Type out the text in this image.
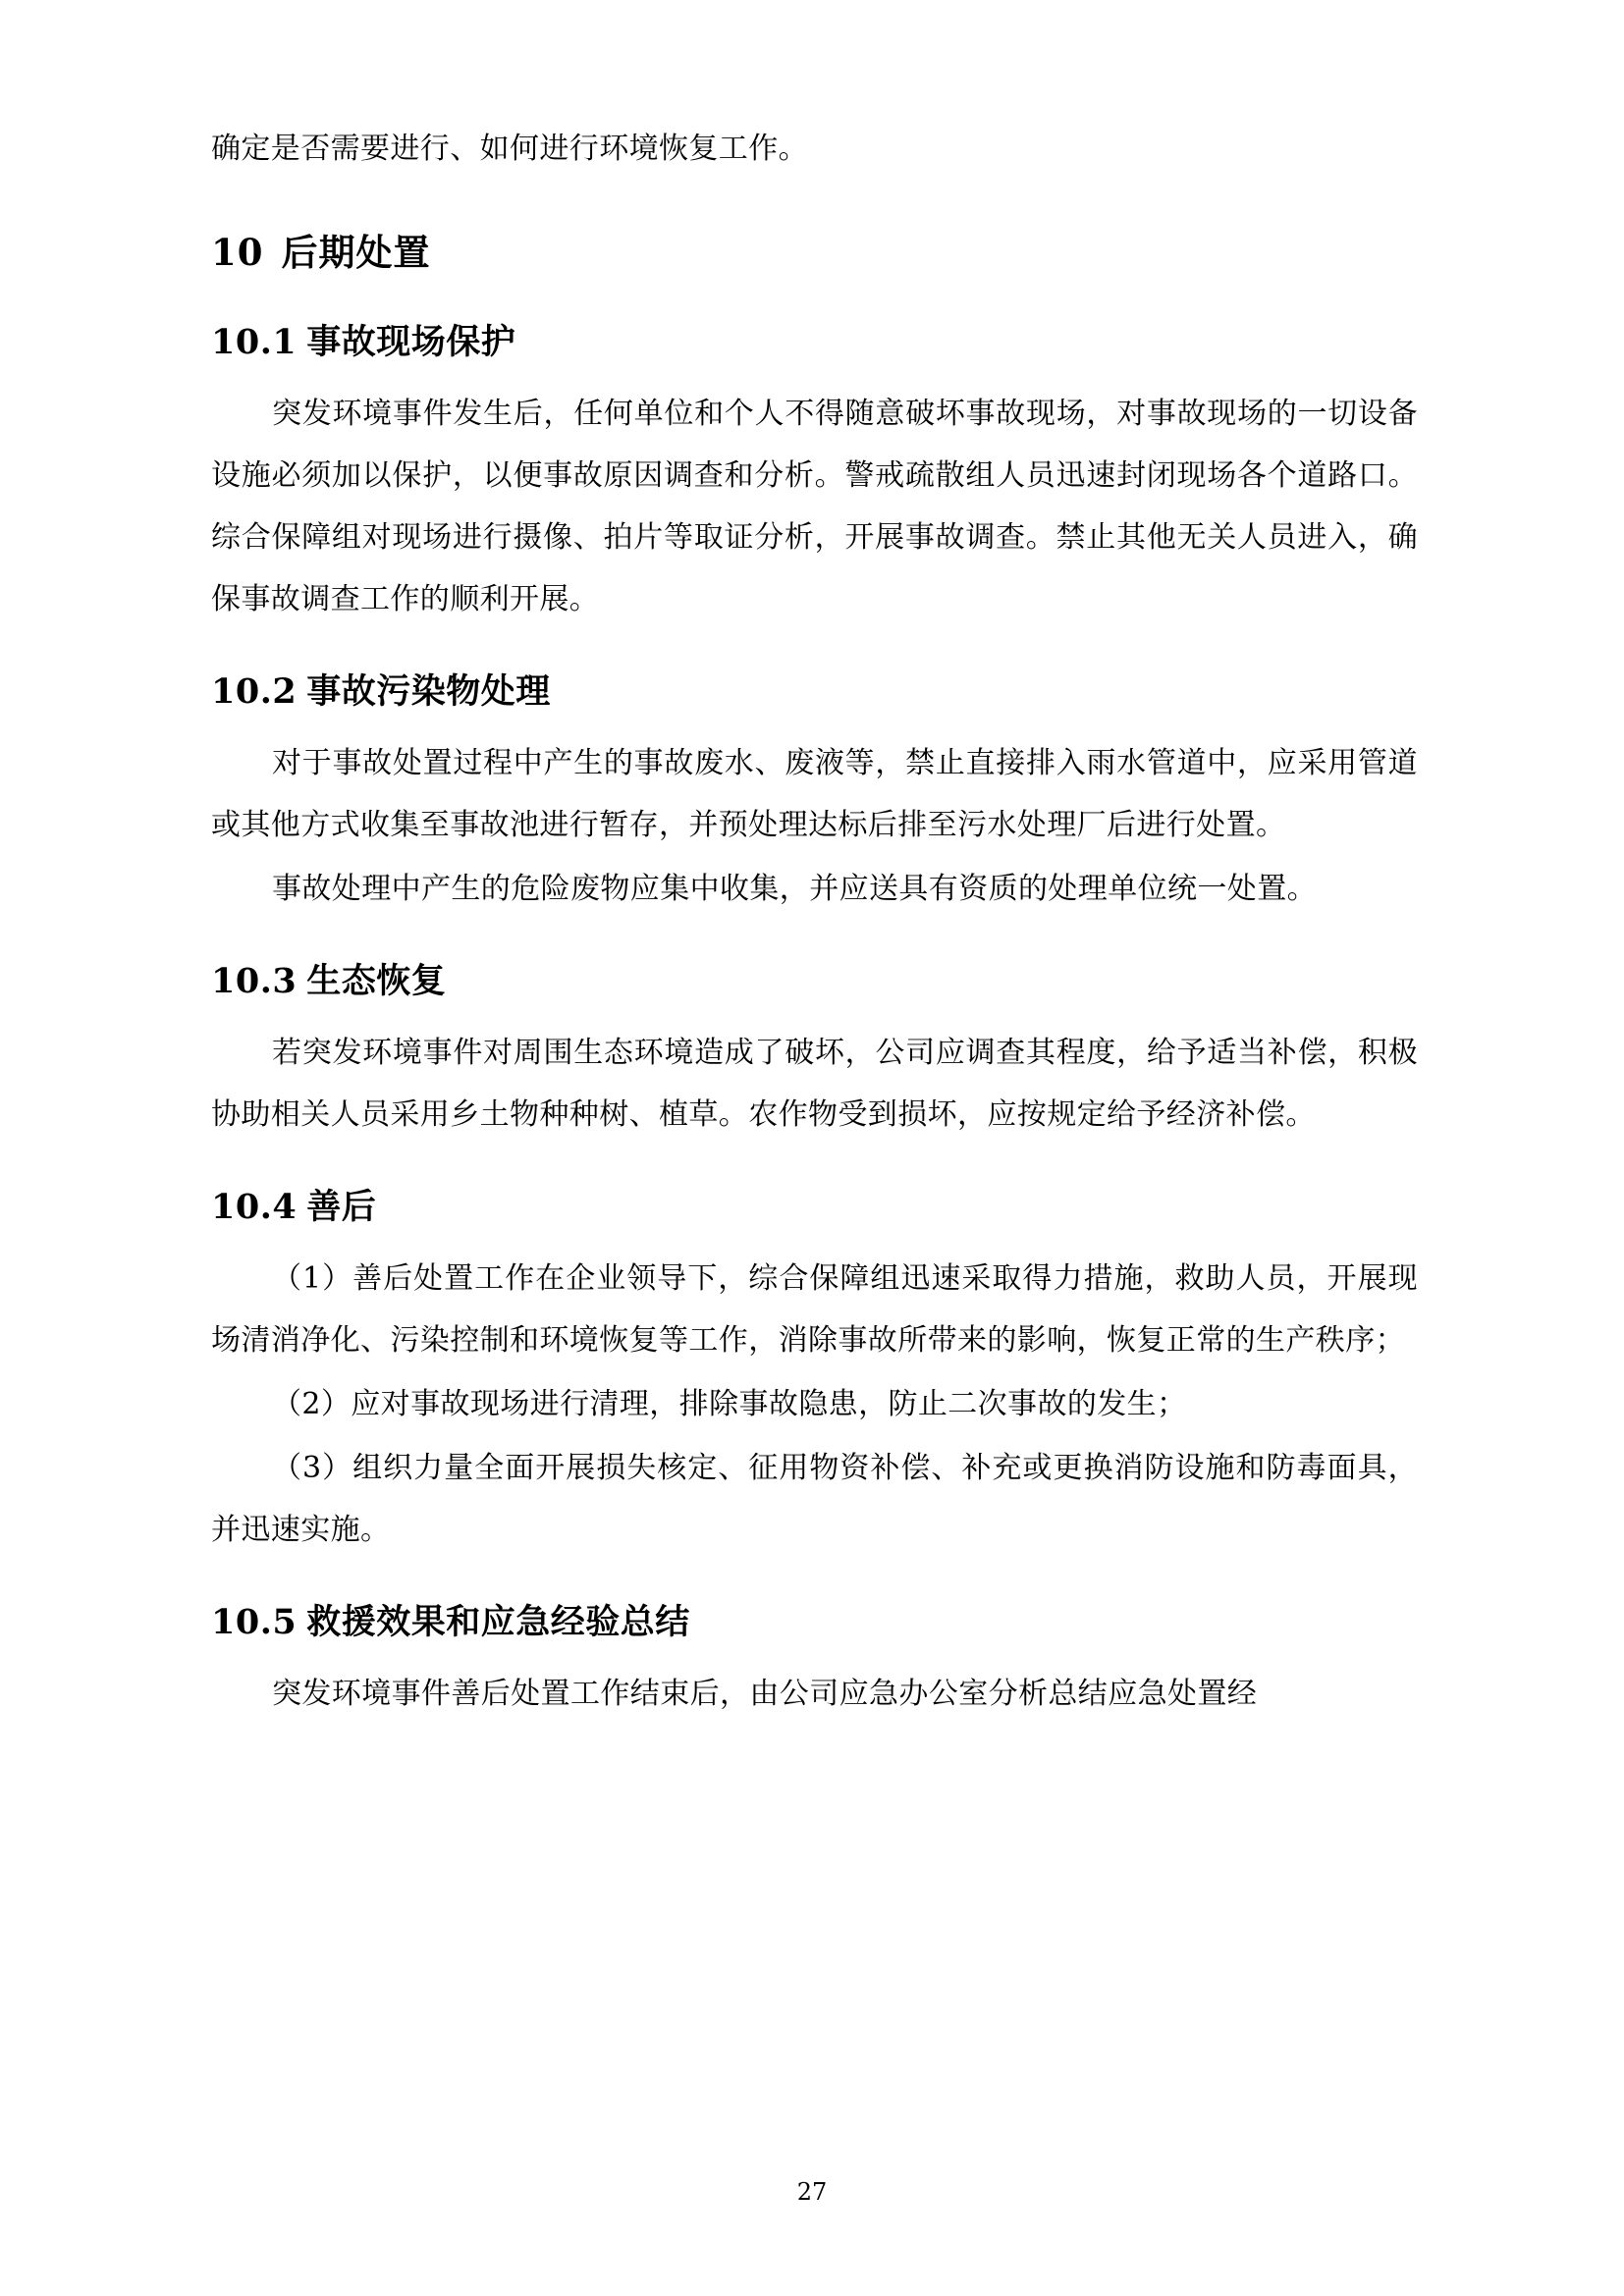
确定是否需要进行、如何进行环境恢复工作。

10 后期处置
10.1 事故现场保护

突发环境事件发生后，任何单位和个人不得随意破坏事故现场，对事故现场的一切设备设施必须加以保护，以便事故原因调查和分析。警戒疏散组人员迅速封闭现场各个道路口。综合保障组对现场进行摄像、拍片等取证分析，开展事故调查。禁止其他无关人员进入，确保事故调查工作的顺利开展。

10.2 事故污染物处理

对于事故处置过程中产生的事故废水、废液等，禁止直接排入雨水管道中，应采用管道或其他方式收集至事故池进行暂存，并预处理达标后排至污水处理厂后进行处置。

事故处理中产生的危险废物应集中收集，并应送具有资质的处理单位统一处置。

10.3 生态恢复

若突发环境事件对周围生态环境造成了破坏，公司应调查其程度，给予适当补偿，积极协助相关人员采用乡土物种种树、植草。农作物受到损坏，应按规定给予经济补偿。

10.4 善后

（1）善后处置工作在企业领导下，综合保障组迅速采取得力措施，救助人员，开展现场清消净化、污染控制和环境恢复等工作，消除事故所带来的影响，恢复正常的生产秩序；

（2）应对事故现场进行清理，排除事故隐患，防止二次事故的发生；

（3）组织力量全面开展损失核定、征用物资补偿、补充或更换消防设施和防毒面具，并迅速实施。

10.5 救援效果和应急经验总结

突发环境事件善后处置工作结束后，由公司应急办公室分析总结应急处置经

27
